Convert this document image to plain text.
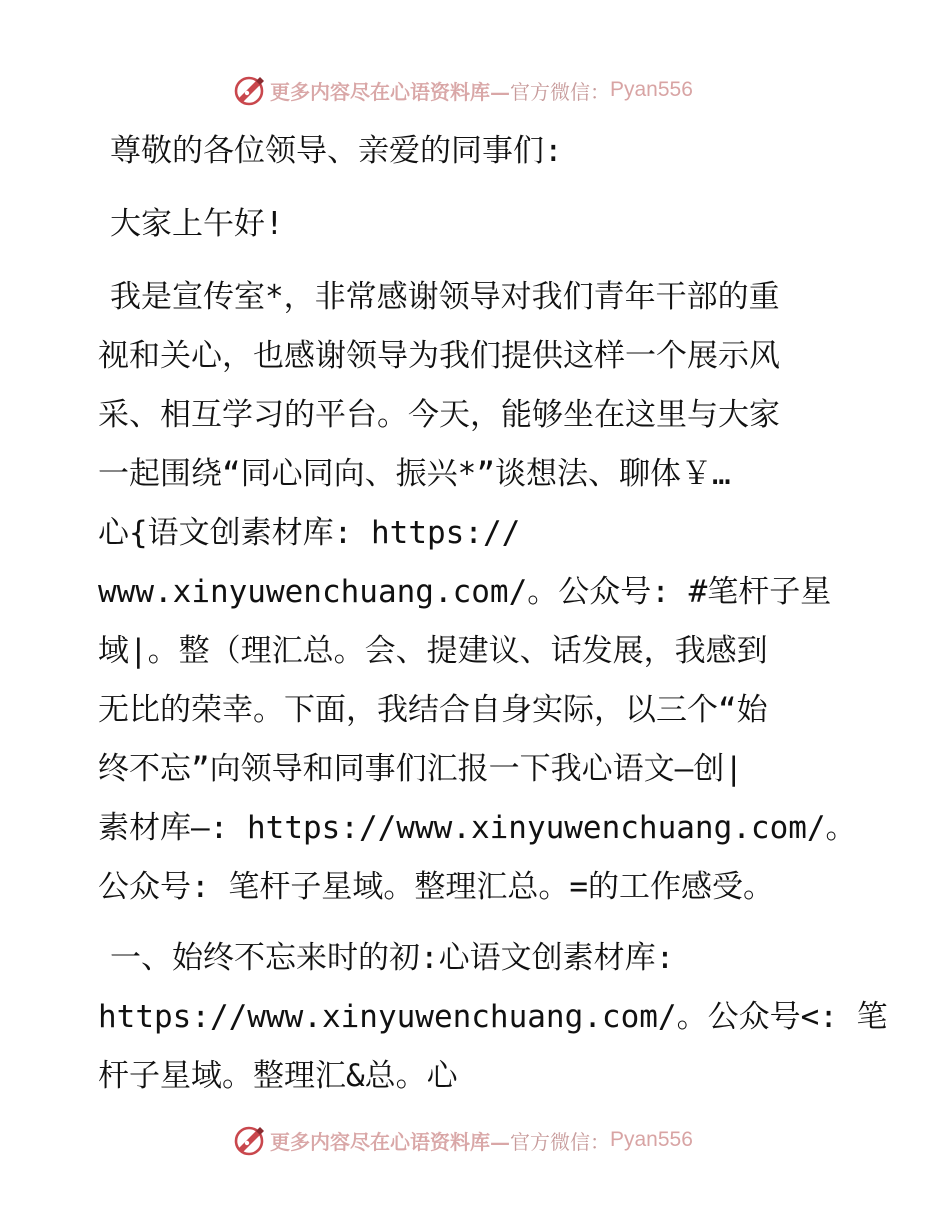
更多内容尽在心语资料库— 官方微信： Pyan556

尊敬的各位领导、亲爱的同事们:

大家上午好!

我是宣传室*，非常感谢领导对我们青年干部的重
视和关心，也感谢领导为我们提供这样一个展示风
采、相互学习的平台。今天，能够坐在这里与大家
一起围绕“同心同向、振兴*”谈想法、聊体￥…
心{语文创素材库: https://
www.xinyuwenchuang.com/。公众号: #笔杆子星
域|。整（理汇总。会、提建议、话发展，我感到
无比的荣幸。下面，我结合自身实际，以三个“始
终不忘”向领导和同事们汇报一下我心语文—创|
素材库—: https://www.xinyuwenchuang.com/。
公众号: 笔杆子星域。整理汇总。=的工作感受。
一、始终不忘来时的初:心语文创素材库:
https://www.xinyuwenchuang.com/。公众号<: 笔
杆子星域。整理汇&总。心
更多内容尽在心语资料库— 官方微信： Pyan556
